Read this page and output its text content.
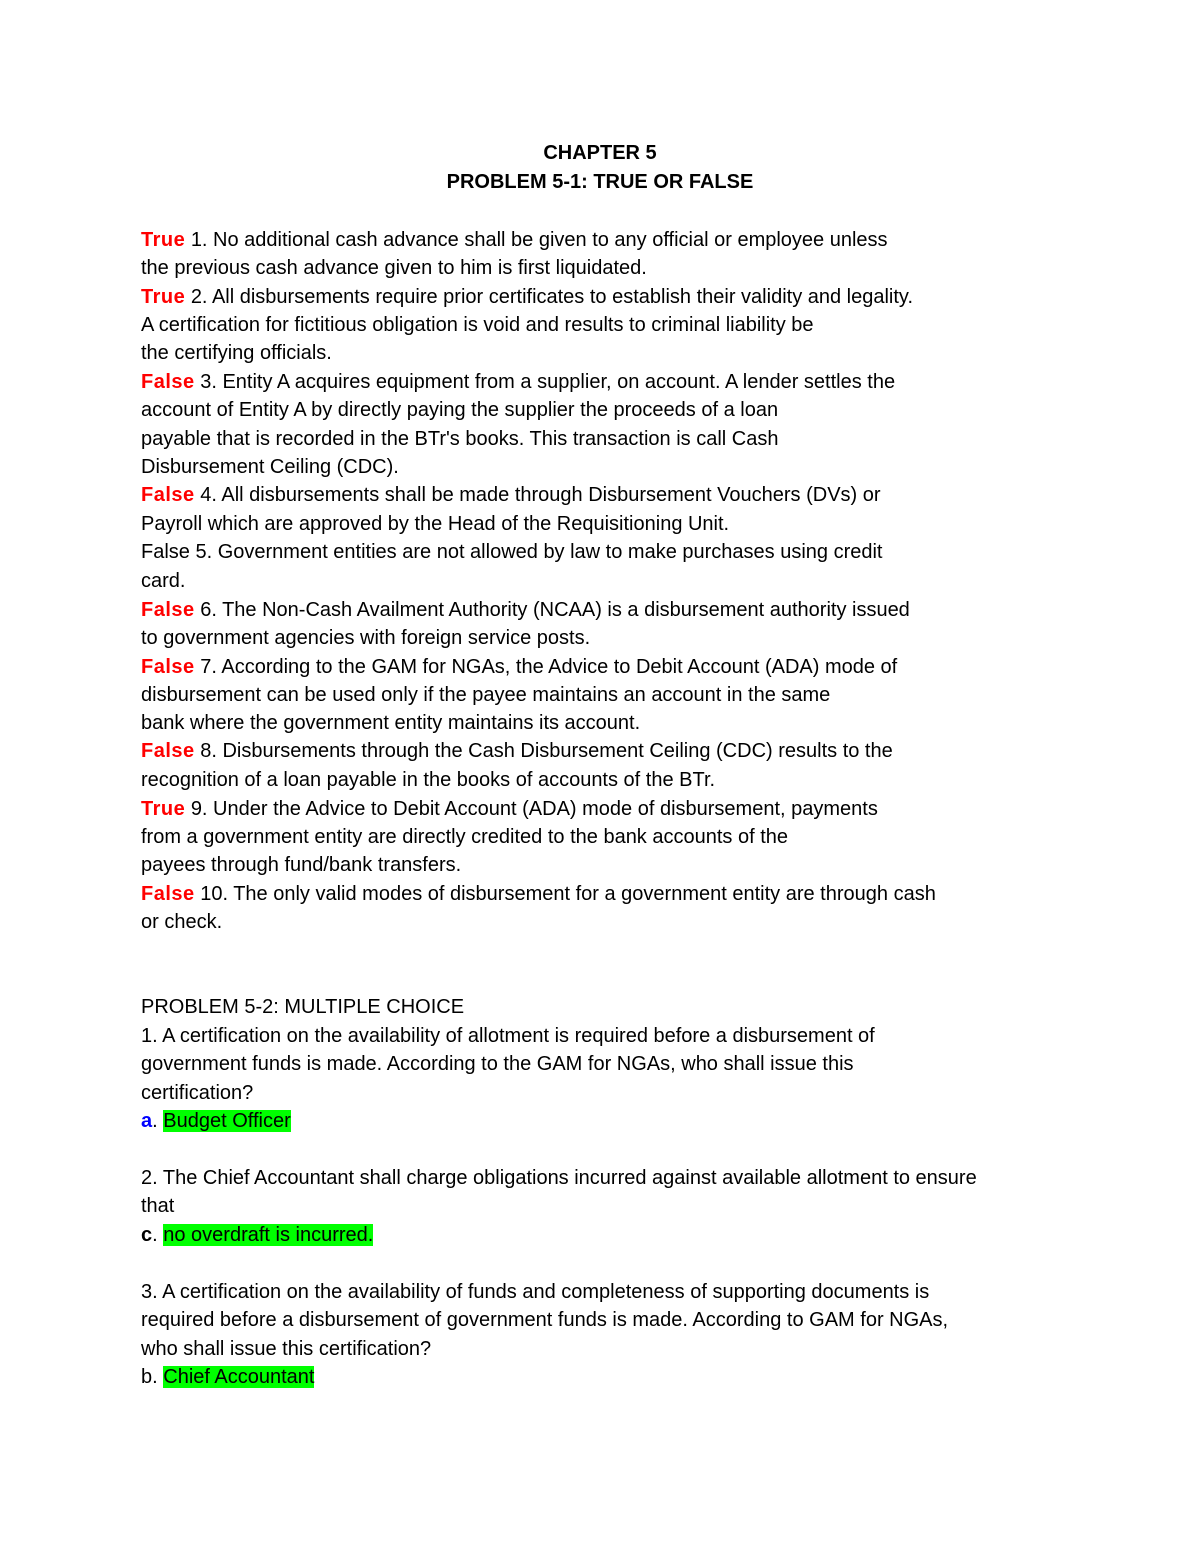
CHAPTER 5
PROBLEM 5-1: TRUE OR FALSE
True 1. No additional cash advance shall be given to any official or employee unless
the previous cash advance given to him is first liquidated.
True 2. All disbursements require prior certificates to establish their validity and legality.
A certification for fictitious obligation is void and results to criminal liability be
the certifying officials.
False 3. Entity A acquires equipment from a supplier, on account. A lender settles the
account of Entity A by directly paying the supplier the proceeds of a loan
payable that is recorded in the BTr's books. This transaction is call Cash
Disbursement Ceiling (CDC).
False 4. All disbursements shall be made through Disbursement Vouchers (DVs) or
Payroll which are approved by the Head of the Requisitioning Unit.
False 5. Government entities are not allowed by law to make purchases using credit
card.
False 6. The Non-Cash Availment Authority (NCAA) is a disbursement authority issued
to government agencies with foreign service posts.
False 7. According to the GAM for NGAs, the Advice to Debit Account (ADA) mode of
disbursement can be used only if the payee maintains an account in the same
bank where the government entity maintains its account.
False 8. Disbursements through the Cash Disbursement Ceiling (CDC) results to the
recognition of a loan payable in the books of accounts of the BTr.
True 9. Under the Advice to Debit Account (ADA) mode of disbursement, payments
from a government entity are directly credited to the bank accounts of the
payees through fund/bank transfers.
False 10. The only valid modes of disbursement for a government entity are through cash
or check.
PROBLEM 5-2: MULTIPLE CHOICE
1. A certification on the availability of allotment is required before a disbursement of
government funds is made. According to the GAM for NGAs, who shall issue this
certification?
a. Budget Officer
2. The Chief Accountant shall charge obligations incurred against available allotment to ensure
that
c. no overdraft is incurred.
3. A certification on the availability of funds and completeness of supporting documents is
required before a disbursement of government funds is made. According to GAM for NGAs,
who shall issue this certification?
b. Chief Accountant
